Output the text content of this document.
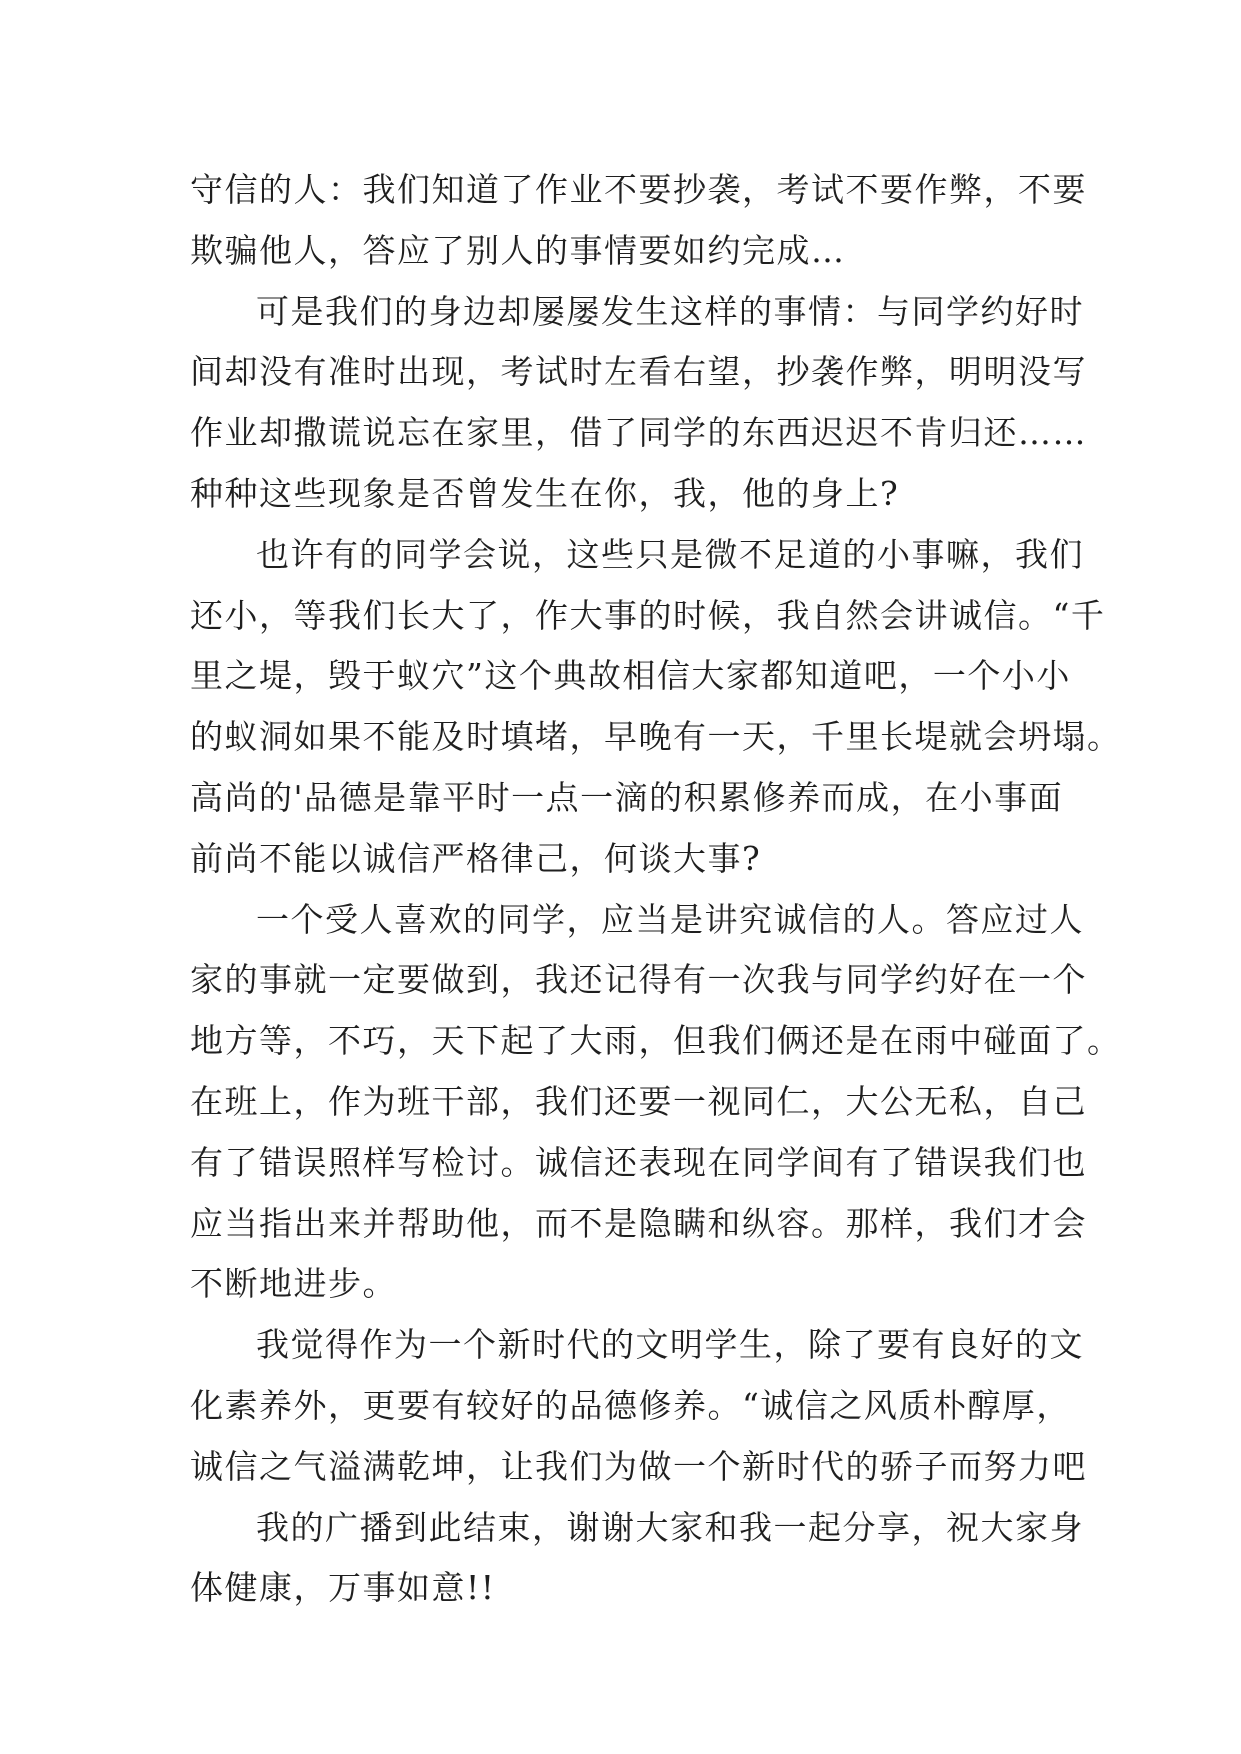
守信的人：我们知道了作业不要抄袭，考试不要作弊，不要
欺骗他人，答应了别人的事情要如约完成…
可是我们的身边却屡屡发生这样的事情：与同学约好时
间却没有准时出现，考试时左看右望，抄袭作弊，明明没写
作业却撒谎说忘在家里，借了同学的东西迟迟不肯归还……
种种这些现象是否曾发生在你，我，他的身上?
也许有的同学会说，这些只是微不足道的小事嘛，我们
还小，等我们长大了，作大事的时候，我自然会讲诚信。“千
里之堤，毁于蚁穴”这个典故相信大家都知道吧，一个小小
的蚁洞如果不能及时填堵，早晚有一天，千里长堤就会坍塌。
高尚的'品德是靠平时一点一滴的积累修养而成，在小事面
前尚不能以诚信严格律己，何谈大事?
一个受人喜欢的同学，应当是讲究诚信的人。答应过人
家的事就一定要做到，我还记得有一次我与同学约好在一个
地方等，不巧，天下起了大雨，但我们俩还是在雨中碰面了。
在班上，作为班干部，我们还要一视同仁，大公无私，自己
有了错误照样写检讨。诚信还表现在同学间有了错误我们也
应当指出来并帮助他，而不是隐瞒和纵容。那样，我们才会
不断地进步。
我觉得作为一个新时代的文明学生，除了要有良好的文
化素养外，更要有较好的品德修养。“诚信之风质朴醇厚，
诚信之气溢满乾坤，让我们为做一个新时代的骄子而努力吧
我的广播到此结束，谢谢大家和我一起分享，祝大家身
体健康，万事如意!!
